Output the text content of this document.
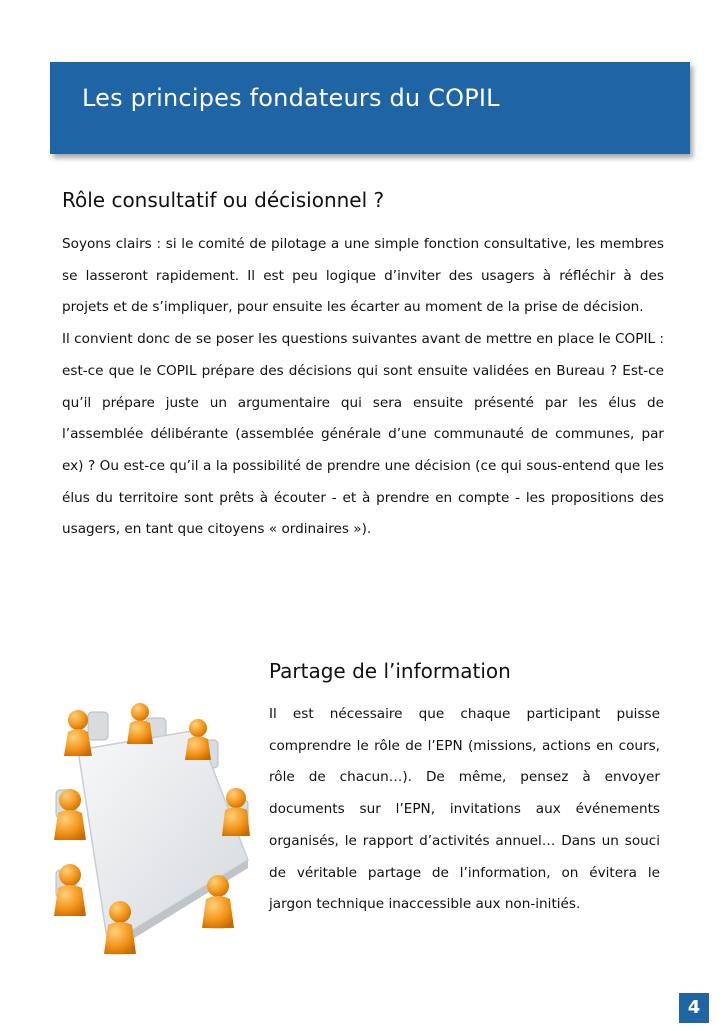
Les principes fondateurs du COPIL
Rôle consultatif ou décisionnel ?

Soyons clairs : si le comité de pilotage a une simple fonction consultative, les membres se lasseront rapidement. Il est peu logique d’inviter des usagers à réfléchir à des projets et de s’impliquer, pour ensuite les écarter au moment de la prise de décision.

Il convient donc de se poser les questions suivantes avant de mettre en place le COPIL : est-ce que le COPIL prépare des décisions qui sont ensuite validées en Bureau ? Est-ce qu’il prépare juste un argumentaire qui sera ensuite présenté par les élus de l’assemblée délibérante (assemblée générale d’une communauté de communes, par ex) ? Ou est-ce qu’il a la possibilité de prendre une décision (ce qui sous-entend que les élus du territoire sont prêts à écouter - et à prendre en compte - les propositions des usagers, en tant que citoyens « ordinaires »).

Partage de l’information

Il est nécessaire que chaque participant puisse comprendre le rôle de l’EPN (missions, actions en cours, rôle de chacun…). De même, pensez à envoyer documents sur l’EPN, invitations aux événements organisés, le rapport d’activités annuel… Dans un souci de véritable partage de l’information, on évitera le jargon technique inaccessible aux non-initiés.

4
